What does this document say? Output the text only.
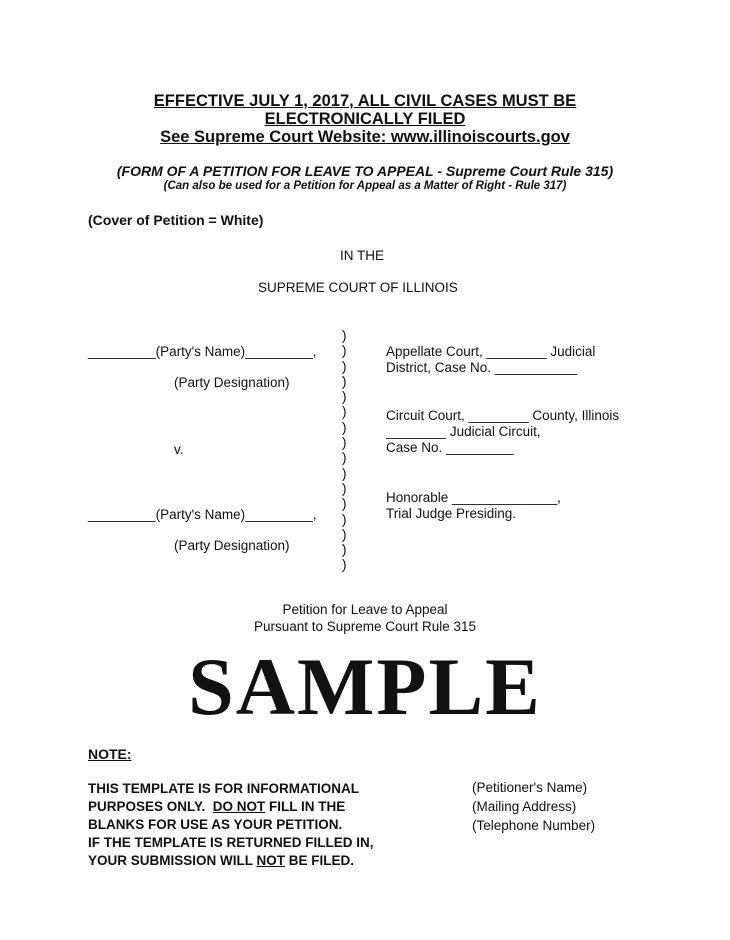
EFFECTIVE JULY 1, 2017, ALL CIVIL CASES MUST BE
ELECTRONICALLY FILED
See Supreme Court Website: www.illinoiscourts.gov
(FORM OF A PETITION FOR LEAVE TO APPEAL - Supreme Court Rule 315)
(Can also be used for a Petition for Appeal as a Matter of Right - Rule 317)
(Cover of Petition = White)
IN THE
SUPREME COURT OF ILLINOIS
_________(Party's Name)_________,
(Party Designation)
v.
_________(Party's Name)_________,
(Party Designation)
)
)
)
)
)
)
)
)
)
)
)
)
)
)
)
)
Appellate Court, ________ Judicial
District, Case No. ___________
Circuit Court, ________ County, Illinois
________ Judicial Circuit,
Case No. _________
Honorable ______________,
Trial Judge Presiding.
Petition for Leave to Appeal
Pursuant to Supreme Court Rule 315
SAMPLE
NOTE:
THIS TEMPLATE IS FOR INFORMATIONAL
PURPOSES ONLY.  DO NOT FILL IN THE
BLANKS FOR USE AS YOUR PETITION.
IF THE TEMPLATE IS RETURNED FILLED IN,
YOUR SUBMISSION WILL NOT BE FILED.
(Petitioner's Name)
(Mailing Address)
(Telephone Number)
